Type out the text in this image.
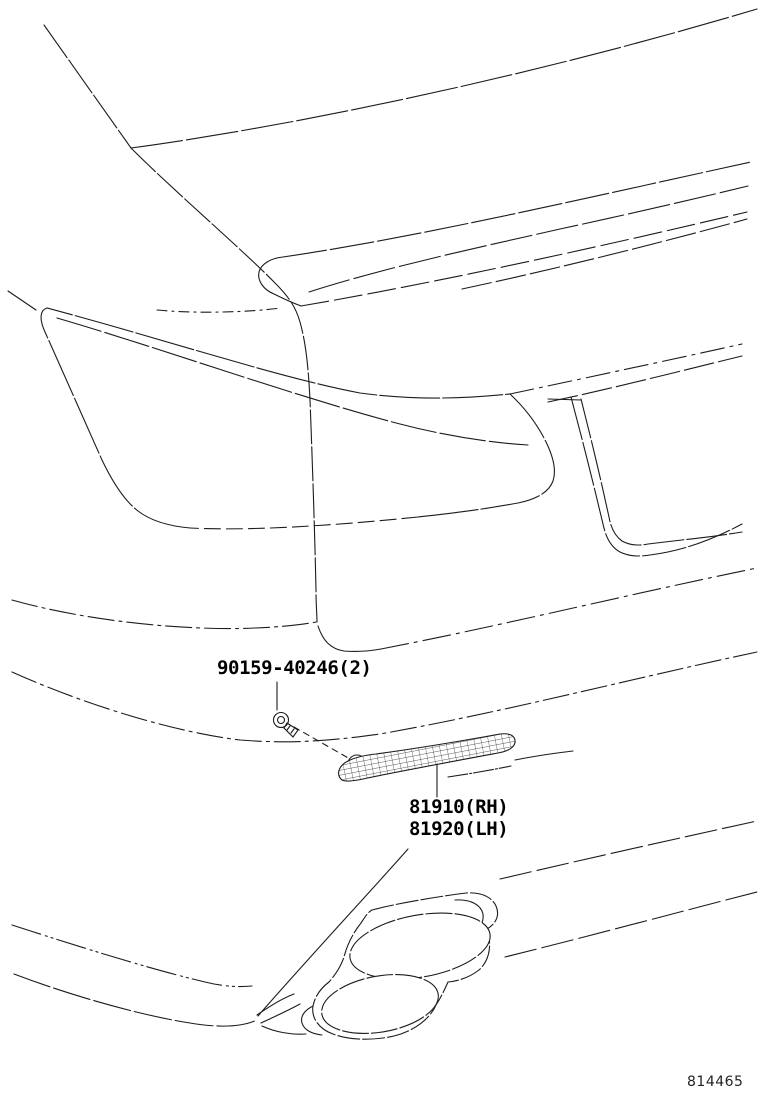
90159-40246(2)
81910(RH)
81920(LH)
814465
